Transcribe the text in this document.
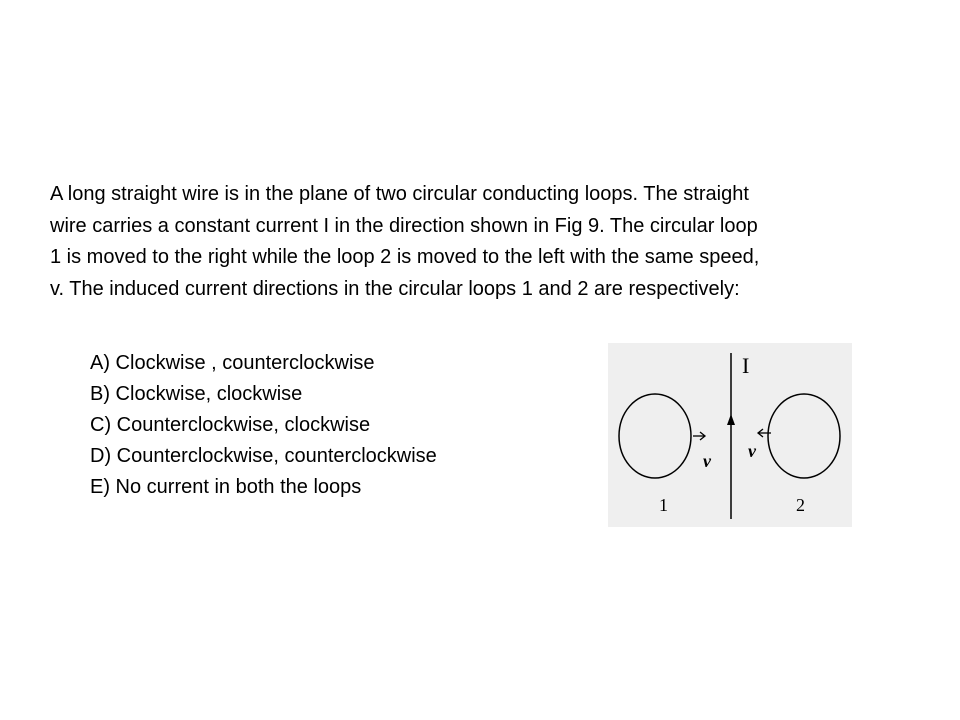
A long straight wire is in the plane of two circular conducting loops. The straight
wire carries a constant current I in the direction shown in Fig 9. The circular loop
1 is moved to the right while the loop 2 is moved to the left with the same speed,
v. The induced current directions in the circular loops 1 and 2 are respectively:
A) Clockwise , counterclockwise
B) Clockwise, clockwise
C) Counterclockwise, clockwise
D) Counterclockwise, counterclockwise
E) No current in both the loops
I
v v
1	2
